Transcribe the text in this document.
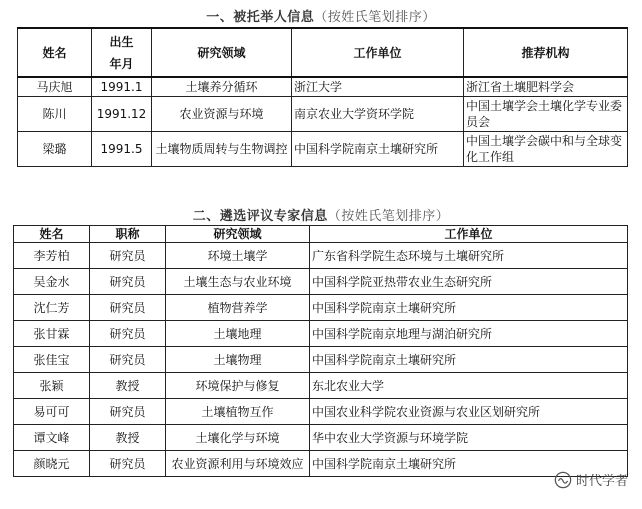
一、被托举人信息（按姓氏笔划排序）
姓名	出生年月	研究领域	工作单位	推荐机构
马庆旭	1991.1	土壤养分循环	浙江大学	浙江省土壤肥料学会
陈川	1991.12	农业资源与环境	南京农业大学资环学院	中国土壤学会土壤化学专业委员会
梁璐	1991.5	土壤物质周转与生物调控	中国科学院南京土壤研究所	中国土壤学会碳中和与全球变化工作组
二、遴选评议专家信息（按姓氏笔划排序）
姓名	职称	研究领域	工作单位
李芳柏	研究员	环境土壤学	广东省科学院生态环境与土壤研究所
吴金水	研究员	土壤生态与农业环境	中国科学院亚热带农业生态研究所
沈仁芳	研究员	植物营养学	中国科学院南京土壤研究所
张甘霖	研究员	土壤地理	中国科学院南京地理与湖泊研究所
张佳宝	研究员	土壤物理	中国科学院南京土壤研究所
张颖	教授	环境保护与修复	东北农业大学
易可可	研究员	土壤植物互作	中国农业科学院农业资源与农业区划研究所
谭文峰	教授	土壤化学与环境	华中农业大学资源与环境学院
颜晓元	研究员	农业资源利用与环境效应	中国科学院南京土壤研究所
时代学者
